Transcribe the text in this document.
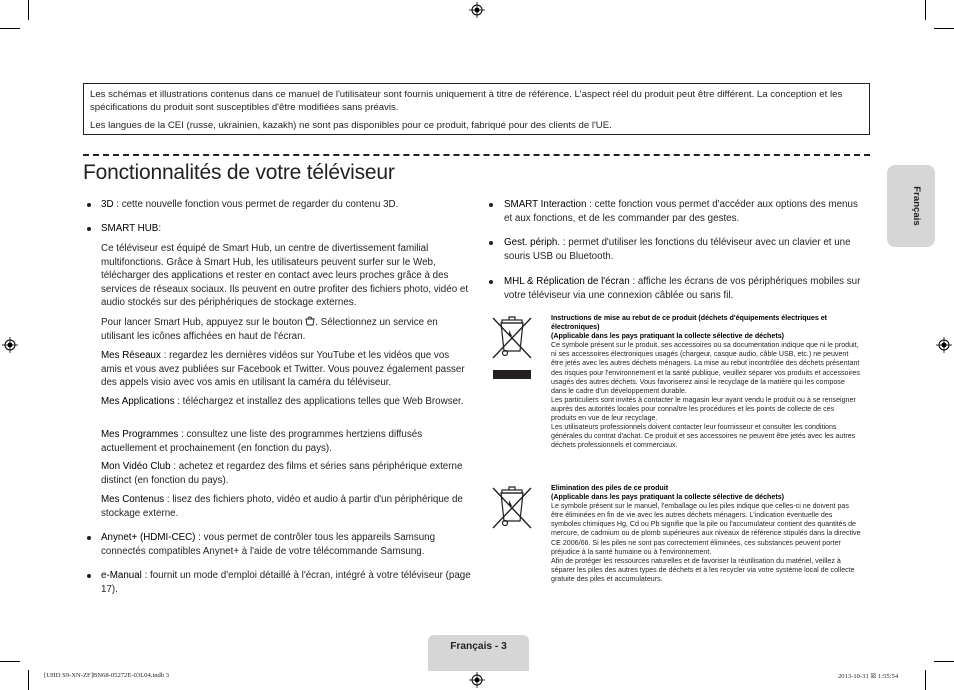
Les schémas et illustrations contenus dans ce manuel de l'utilisateur sont fournis uniquement à titre de référence. L'aspect réel du produit peut être différent. La conception et les spécifications du produit sont susceptibles d'être modifiées sans préavis.

Les langues de la CEI (russe, ukrainien, kazakh) ne sont pas disponibles pour ce produit, fabriqué pour des clients de l'UE.

Fonctionnalités de votre téléviseur
Français
3D : cette nouvelle fonction vous permet de regarder du contenu 3D.
SMART HUB:

Ce téléviseur est équipé de Smart Hub, un centre de divertissement familial multifonctions. Grâce à Smart Hub, les utilisateurs peuvent surfer sur le Web, télécharger des applications et rester en contact avec leurs proches grâce à des services de réseaux sociaux. Ils peuvent en outre profiter des fichiers photo, vidéo et audio stockés sur des périphériques de stockage externes.

Pour lancer Smart Hub, appuyez sur le bouton . Sélectionnez un service en utilisant les icônes affichées en haut de l'écran.

Mes Réseaux : regardez les dernières vidéos sur YouTube et les vidéos que vos amis et vous avez publiées sur Facebook et Twitter. Vous pouvez également passer des appels visio avec vos amis en utilisant la caméra du téléviseur.

Mes Applications : téléchargez et installez des applications telles que Web Browser.

Mes Programmes : consultez une liste des programmes hertziens diffusés actuellement et prochainement (en fonction du pays).

Mon Vidéo Club : achetez et regardez des films et séries sans périphérique externe distinct (en fonction du pays).

Mes Contenus : lisez des fichiers photo, vidéo et audio à partir d'un périphérique de stockage externe.

Anynet+ (HDMI-CEC) : vous permet de contrôler tous les appareils Samsung connectés compatibles Anynet+ à l'aide de votre télécommande Samsung.

e-Manual : fournit un mode d'emploi détaillé à l'écran, intégré à votre téléviseur (page 17).

SMART Interaction : cette fonction vous permet d'accéder aux options des menus et aux fonctions, et de les commander par des gestes.

Gest. périph. : permet d'utiliser les fonctions du téléviseur avec un clavier et une souris USB ou Bluetooth.

MHL & Réplication de l'écran : affiche les écrans de vos périphériques mobiles sur votre téléviseur via une connexion câblée ou sans fil.

Instructions de mise au rebut de ce produit (déchets d'équipements électriques et électroniques)

(Applicable dans les pays pratiquant la collecte sélective de déchets)

Ce symbole présent sur le produit, ses accessoires ou sa documentation indique que ni le produit, ni ses accessoires électroniques usagés (chargeur, casque audio, câble USB, etc.) ne peuvent être jetés avec les autres déchets ménagers. La mise au rebut incontrôlée des déchets présentant des risques pour l'environnement et la santé publique, veuillez séparer vos produits et accessoires usagés des autres déchets. Vous favoriserez ainsi le recyclage de la matière qui les compose dans le cadre d'un développement durable.

Les particuliers sont invités à contacter le magasin leur ayant vendu le produit ou à se renseigner auprès des autorités locales pour connaître les procédures et les points de collecte de ces produits en vue de leur recyclage.

Les utilisateurs professionnels doivent contacter leur fournisseur et consulter les conditions générales du contrat d'achat. Ce produit et ses accessoires ne peuvent être jetés avec les autres déchets professionnels et commerciaux.

Elimination des piles de ce produit

(Applicable dans les pays pratiquant la collecte sélective de déchets)

Le symbole présent sur le manuel, l'emballage ou les piles indique que celles-ci ne doivent pas être éliminées en fin de vie avec les autres déchets ménagers. L'indication éventuelle des symboles chimiques Hg, Cd ou Pb signifie que la pile ou l'accumulateur contient des quantités de mercure, de cadmium ou de plomb supérieures aux niveaux de référence stipulés dans la directive CE 2006/66. Si les piles ne sont pas correctement éliminées, ces substances peuvent porter préjudice à la santé humaine ou à l'environnement.

Afin de protéger les ressources naturelles et de favoriser la réutilisation du matériel, veillez à séparer les piles des autres types de déchets et à les recycler via votre système local de collecte gratuite des piles et accumulateurs.

Français - 3
[UHD S9-XN-ZF]BN68-05272E-03L04.indb 3	2013-10-31 ☒ 1:55:54
